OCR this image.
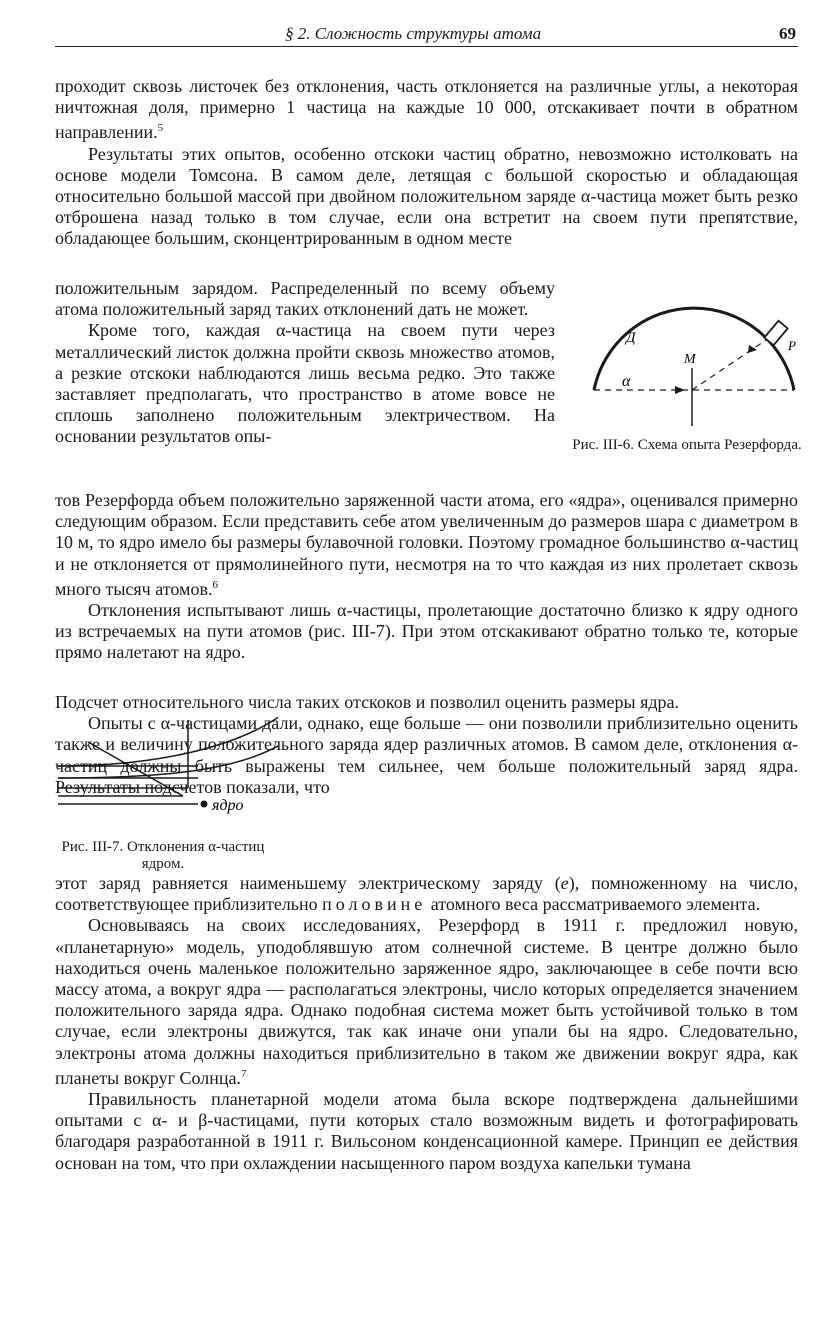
§ 2. Сложность структуры атома	69

проходит сквозь листочек без отклонения, часть отклоняется на различные углы, а некоторая ничтожная доля, примерно 1 частица на каждые 10 000, отскакивает почти в обратном направлении.$^5$

Результаты этих опытов, особенно отскоки частиц обратно, невозможно истолковать на основе модели Томсона. В самом деле, летящая с большой скоростью и обладающая относительно большой массой при двойном положительном заряде α-частица может быть резко отброшена назад только в том случае, если она встретит на своем пути препятствие, обладающее большим, сконцентрированным в одном месте

положительным зарядом. Распределенный по всему объему атома положительный заряд таких отклонений дать не может.

Кроме того, каждая α-частица на своем пути через металлический листок должна пройти сквозь множество атомов, а резкие отскоки наблюдаются лишь весьма редко. Это также заставляет предполагать, что пространство в атоме вовсе не сплошь заполнено положительным электричеством. На основании результатов опы-

Д
М
Р
α
Рис. III-6. Схема опыта Резерфорда.

тов Резерфорда объем положительно заряженной части атома, его «ядра», оценивался примерно следующим образом. Если представить себе атом увеличенным до размеров шара с диаметром в 10 м, то ядро имело бы размеры булавочной головки. Поэтому громадное большинство α-частиц и не отклоняется от прямолинейного пути, несмотря на то что каждая из них пролетает сквозь много тысяч атомов.$^6$

Отклонения испытывают лишь α-частицы, пролетающие достаточно близко к ядру одного из встречаемых на пути атомов (рис. III-7). При этом отскакивают обратно только те, которые прямо налетают на ядро.

ядро
Рис. III-7. Отклонения α-частиц ядром.

Подсчет относительного числа таких отскоков и позволил оценить размеры ядра.

Опыты с α-частицами дали, однако, еще больше — они позволили приблизительно оценить также и величину положительного заряда ядер различных атомов. В самом деле, отклонения α-частиц должны быть выражены тем сильнее, чем больше положительный заряд ядра. Результаты подсчетов показали, что

этот заряд равняется наименьшему электрическому заряду (e), помноженному на число, соответствующее приблизительно половине атомного веса рассматриваемого элемента.

Основываясь на своих исследованиях, Резерфорд в 1911 г. предложил новую, «планетарную» модель, уподоблявшую атом солнечной системе. В центре должно было находиться очень маленькое положительно заряженное ядро, заключающее в себе почти всю массу атома, а вокруг ядра — располагаться электроны, число которых определяется значением положительного заряда ядра. Однако подобная система может быть устойчивой только в том случае, если электроны движутся, так как иначе они упали бы на ядро. Следовательно, электроны атома должны находиться приблизительно в таком же движении вокруг ядра, как планеты вокруг Солнца.$^7$

Правильность планетарной модели атома была вскоре подтверждена дальнейшими опытами с α- и β-частицами, пути которых стало возможным видеть и фотографировать благодаря разработанной в 1911 г. Вильсоном конденсационной камере. Принцип ее действия основан на том, что при охлаждении насыщенного паром воздуха капельки тумана
